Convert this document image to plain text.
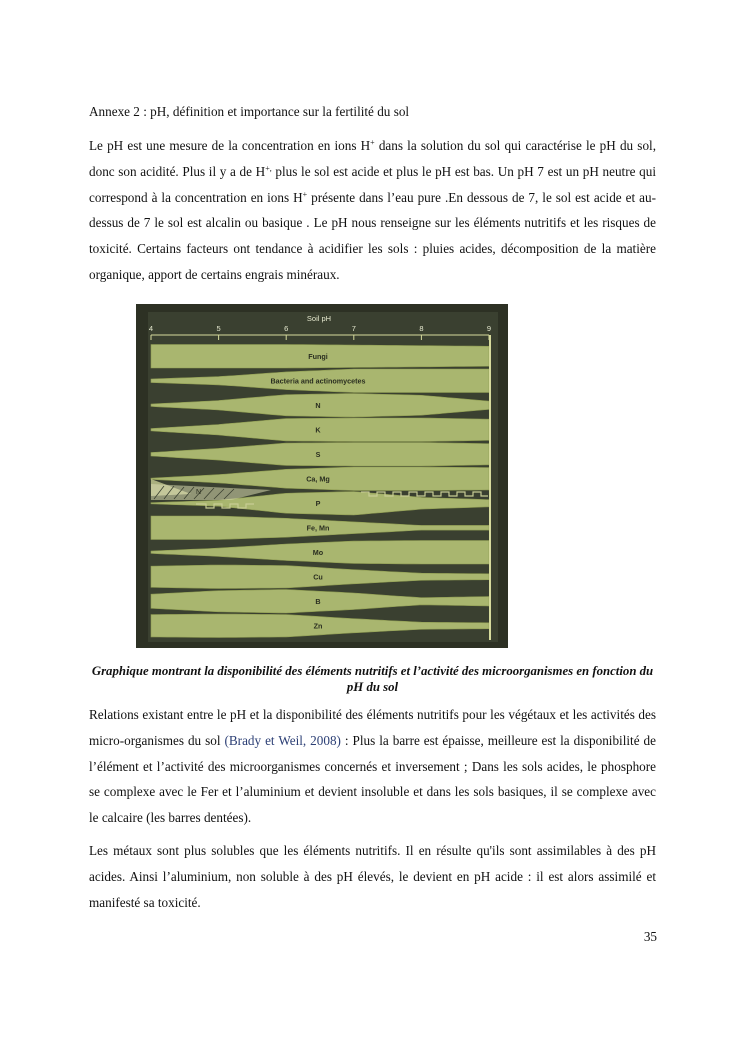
Annexe 2 : pH, définition et importance sur la fertilité du sol

Le pH est une mesure de la concentration en ions H+ dans la solution du sol qui caractérise le pH du sol, donc son acidité. Plus il y a de H+, plus le sol est acide et plus le pH est bas. Un pH 7 est un pH neutre qui correspond à la concentration en ions H+ présente dans l’eau pure .En dessous de 7, le sol est acide et au-dessus de 7 le sol est alcalin ou basique . Le pH nous renseigne sur les éléments nutritifs et les risques de toxicité. Certains facteurs ont tendance à acidifier les sols : pluies acides, décomposition de la matière organique, apport de certains engrais minéraux.

Soil pH
4	5	6	7	8	9
Fungi
Bacteria and actinomycetes
N
K
S
Ca, Mg
P
Fe, Mn
Mo
Cu
B
Zn
N
Graphique montrant la disponibilité des éléments nutritifs et l’activité des microorganismes en fonction du pH du sol

Relations existant entre le pH et la disponibilité des éléments nutritifs pour les végétaux et les activités des micro-organismes du sol (Brady et Weil, 2008) : Plus la barre est épaisse, meilleure est la disponibilité de l’élément et l’activité des microorganismes concernés et inversement ; Dans les sols acides, le phosphore se complexe avec le Fer et l’aluminium et devient insoluble et dans les sols basiques, il se complexe avec le calcaire (les barres dentées).

Les métaux sont plus solubles que les éléments nutritifs. Il en résulte qu'ils sont assimilables à des pH acides. Ainsi l’aluminium, non soluble à des pH élevés, le devient en pH acide : il est alors assimilé et manifesté sa toxicité.

35
